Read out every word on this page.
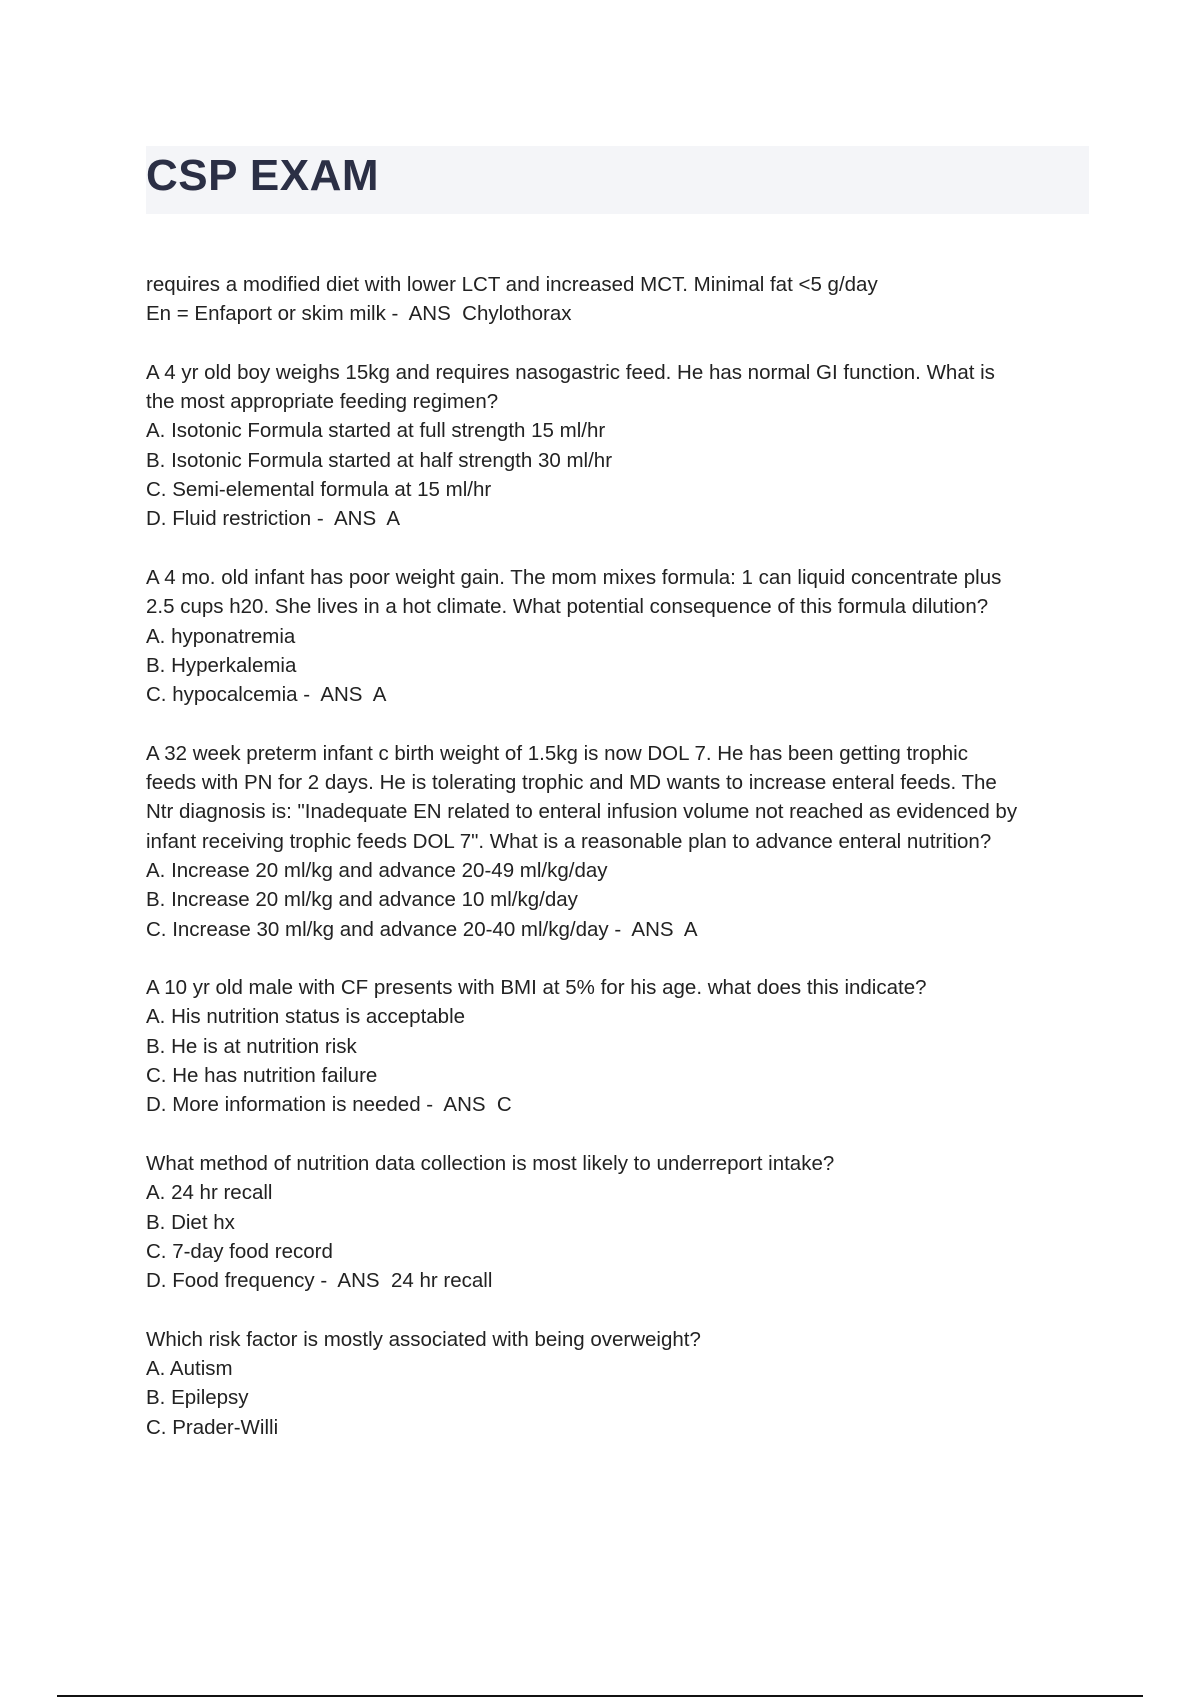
CSP EXAM
requires a modified diet with lower LCT and increased MCT. Minimal fat <5 g/day
En = Enfaport or skim milk -  ANS  Chylothorax
A 4 yr old boy weighs 15kg and requires nasogastric feed. He has normal GI function. What is
the most appropriate feeding regimen?
A. Isotonic Formula started at full strength 15 ml/hr
B. Isotonic Formula started at half strength 30 ml/hr
C. Semi-elemental formula at 15 ml/hr
D. Fluid restriction -  ANS  A
A 4 mo. old infant has poor weight gain. The mom mixes formula: 1 can liquid concentrate plus
2.5 cups h20. She lives in a hot climate. What potential consequence of this formula dilution?
A. hyponatremia
B. Hyperkalemia
C. hypocalcemia -  ANS  A
A 32 week preterm infant c birth weight of 1.5kg is now DOL 7. He has been getting trophic
feeds with PN for 2 days. He is tolerating trophic and MD wants to increase enteral feeds. The
Ntr diagnosis is: "Inadequate EN related to enteral infusion volume not reached as evidenced by
infant receiving trophic feeds DOL 7". What is a reasonable plan to advance enteral nutrition?
A. Increase 20 ml/kg and advance 20-49 ml/kg/day
B. Increase 20 ml/kg and advance 10 ml/kg/day
C. Increase 30 ml/kg and advance 20-40 ml/kg/day -  ANS  A
A 10 yr old male with CF presents with BMI at 5% for his age. what does this indicate?
A. His nutrition status is acceptable
B. He is at nutrition risk
C. He has nutrition failure
D. More information is needed -  ANS  C
What method of nutrition data collection is most likely to underreport intake?
A. 24 hr recall
B. Diet hx
C. 7-day food record
D. Food frequency -  ANS  24 hr recall
Which risk factor is mostly associated with being overweight?
A. Autism
B. Epilepsy
C. Prader-Willi
